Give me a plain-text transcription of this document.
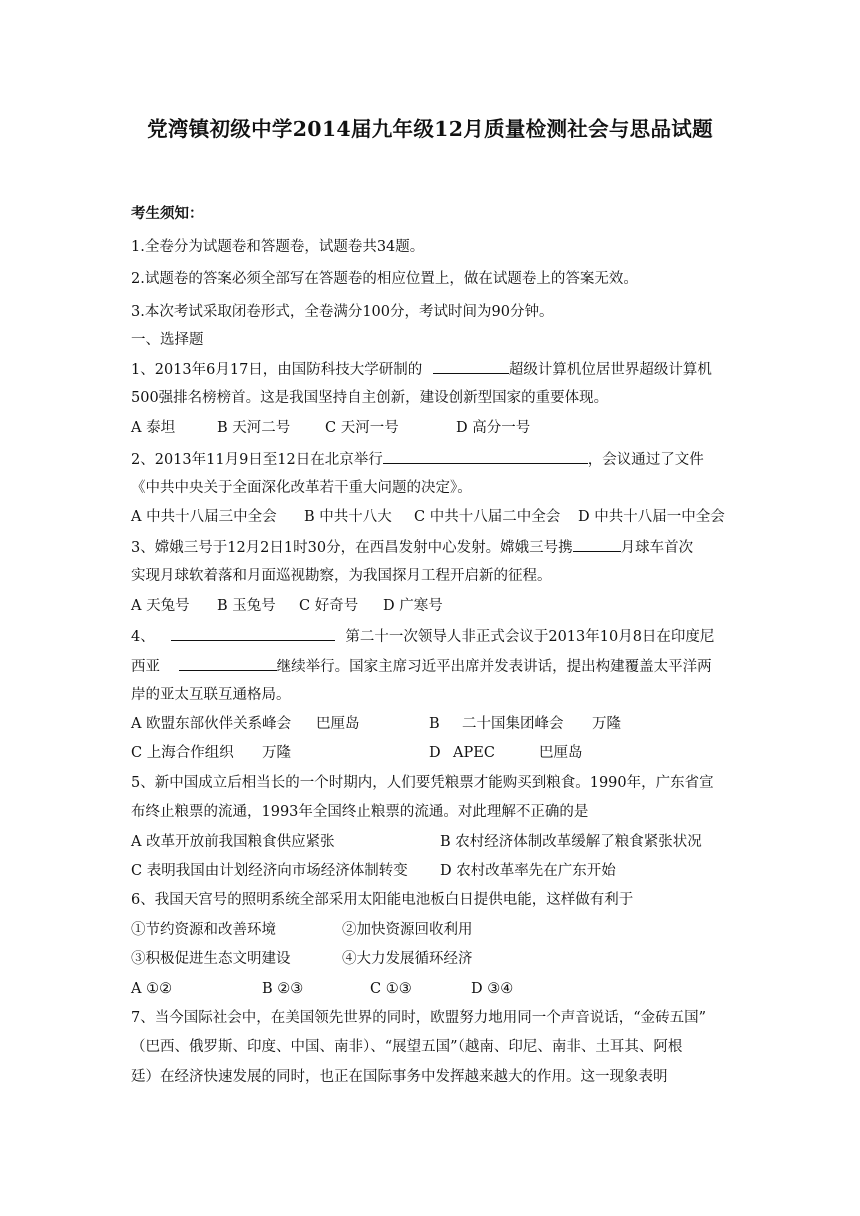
党湾镇初级中学2014届九年级12月质量检测社会与思品试题
考生须知：
1.全卷分为试题卷和答题卷，试题卷共34题。
2.试题卷的答案必须全部写在答题卷的相应位置上，做在试题卷上的答案无效。
3.本次考试采取闭卷形式，全卷满分100分，考试时间为90分钟。
一、选择题
1、2013年6月17日，由国防科技大学研制的	超级计算机位居世界超级计算机
500强排名榜榜首。这是我国坚持自主创新，建设创新型国家的重要体现。
A 泰坦	B 天河二号 C 天河一号	D 高分一号
2、2013年11月9日至12日在北京举行	，会议通过了文件
《中共中央关于全面深化改革若干重大问题的决定》。
A 中共十八届三中全会 B 中共十八大 C 中共十八届二中全会 D 中共十八届一中全会
3、嫦娥三号于12月2日1时30分，在西昌发射中心发射。嫦娥三号携	月球车首次
实现月球软着落和月面巡视勘察，为我国探月工程开启新的征程。
A 天兔号 B 玉兔号 C 好奇号 D 广寒号
4、	第二十一次领导人非正式会议于2013年10月8日在印度尼
西亚	继续举行。国家主席习近平出席并发表讲话，提出构建覆盖太平洋两
岸的亚太互联互通格局。
A 欧盟东部伙伴关系峰会 巴厘岛	B 二十国集团峰会 万隆
C 上海合作组织 万隆	D APEC	巴厘岛
5、新中国成立后相当长的一个时期内，人们要凭粮票才能购买到粮食。1990年，广东省宣
布终止粮票的流通，1993年全国终止粮票的流通。对此理解不正确的是
A 改革开放前我国粮食供应紧张	B 农村经济体制改革缓解了粮食紧张状况
C 表明我国由计划经济向市场经济体制转变 D 农村改革率先在广东开始
6、我国天宫号的照明系统全部采用太阳能电池板白日提供电能，这样做有利于
①节约资源和改善环境	②加快资源回收利用
③积极促进生态文明建设	④大力发展循环经济
A ①②	B ②③	C ①③	D ③④
7、当今国际社会中，在美国领先世界的同时，欧盟努力地用同一个声音说话，“金砖五国”
（巴西、俄罗斯、印度、中国、南非）、“展望五国”（越南、印尼、南非、土耳其、阿根
廷）在经济快速发展的同时，也正在国际事务中发挥越来越大的作用。这一现象表明
